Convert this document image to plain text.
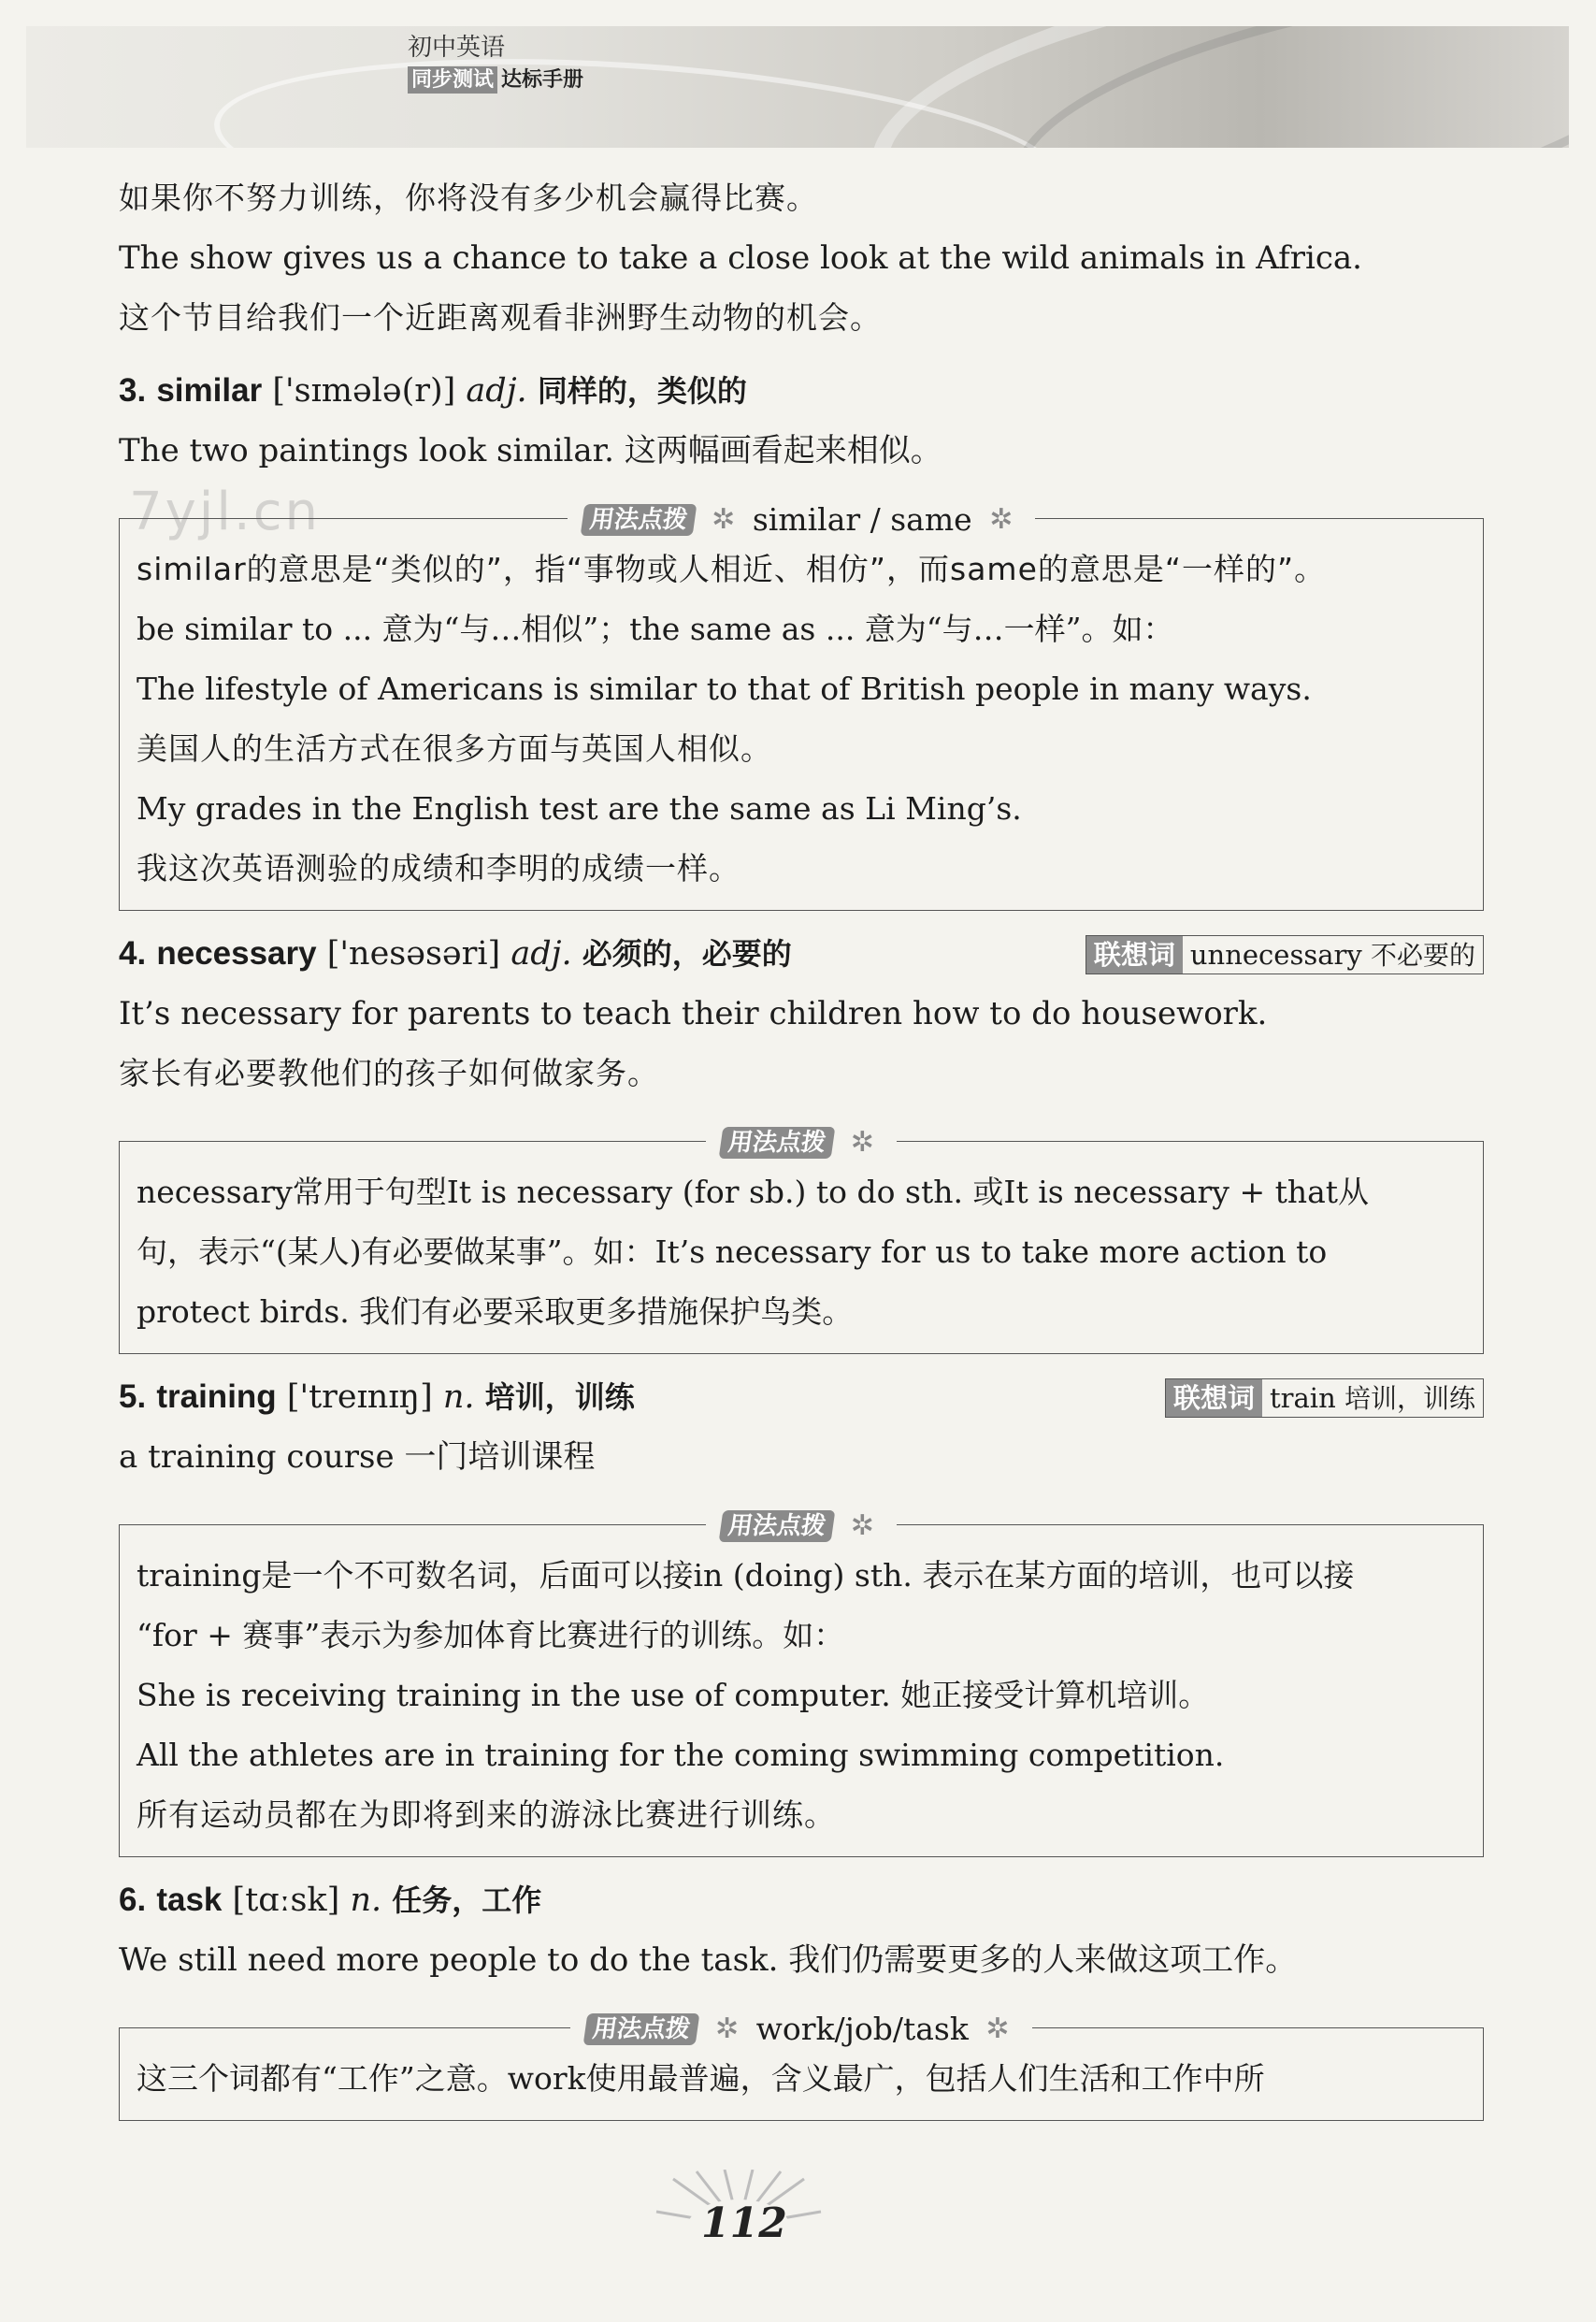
初中英语
同步测试 达标手册
7yjl.cn
如果你不努力训练，你将没有多少机会赢得比赛。
The show gives us a chance to take a close look at the wild animals in Africa.
这个节目给我们一个近距离观看非洲野生动物的机会。
3. similar ['sɪmələ(r)] adj. 同样的，类似的
The two paintings look similar. 这两幅画看起来相似。
用法点拨 ✲ similar / same ✲
similar的意思是“类似的”，指“事物或人相近、相仿”，而same的意思是“一样的”。
be similar to ... 意为“与…相似”；the same as ... 意为“与…一样”。如：
The lifestyle of Americans is similar to that of British people in many ways.
美国人的生活方式在很多方面与英国人相似。
My grades in the English test are the same as Li Ming’s.
我这次英语测验的成绩和李明的成绩一样。
4. necessary ['nesəsəri] adj. 必须的，必要的	联想词 unnecessary 不必要的
It’s necessary for parents to teach their children how to do housework.
家长有必要教他们的孩子如何做家务。
用法点拨 ✲
necessary常用于句型It is necessary (for sb.) to do sth. 或It is necessary + that从
句，表示“(某人)有必要做某事”。如：It’s necessary for us to take more action to
protect birds. 我们有必要采取更多措施保护鸟类。
5. training ['treɪnɪŋ] n. 培训，训练	联想词 train 培训，训练
a training course 一门培训课程
用法点拨 ✲
training是一个不可数名词，后面可以接in (doing) sth. 表示在某方面的培训，也可以接
“for + 赛事”表示为参加体育比赛进行的训练。如：
She is receiving training in the use of computer. 她正接受计算机培训。
All the athletes are in training for the coming swimming competition.
所有运动员都在为即将到来的游泳比赛进行训练。
6. task [tɑːsk] n. 任务，工作
We still need more people to do the task. 我们仍需要更多的人来做这项工作。
用法点拨 ✲ work/job/task ✲
这三个词都有“工作”之意。work使用最普遍，含义最广，包括人们生活和工作中所
112
